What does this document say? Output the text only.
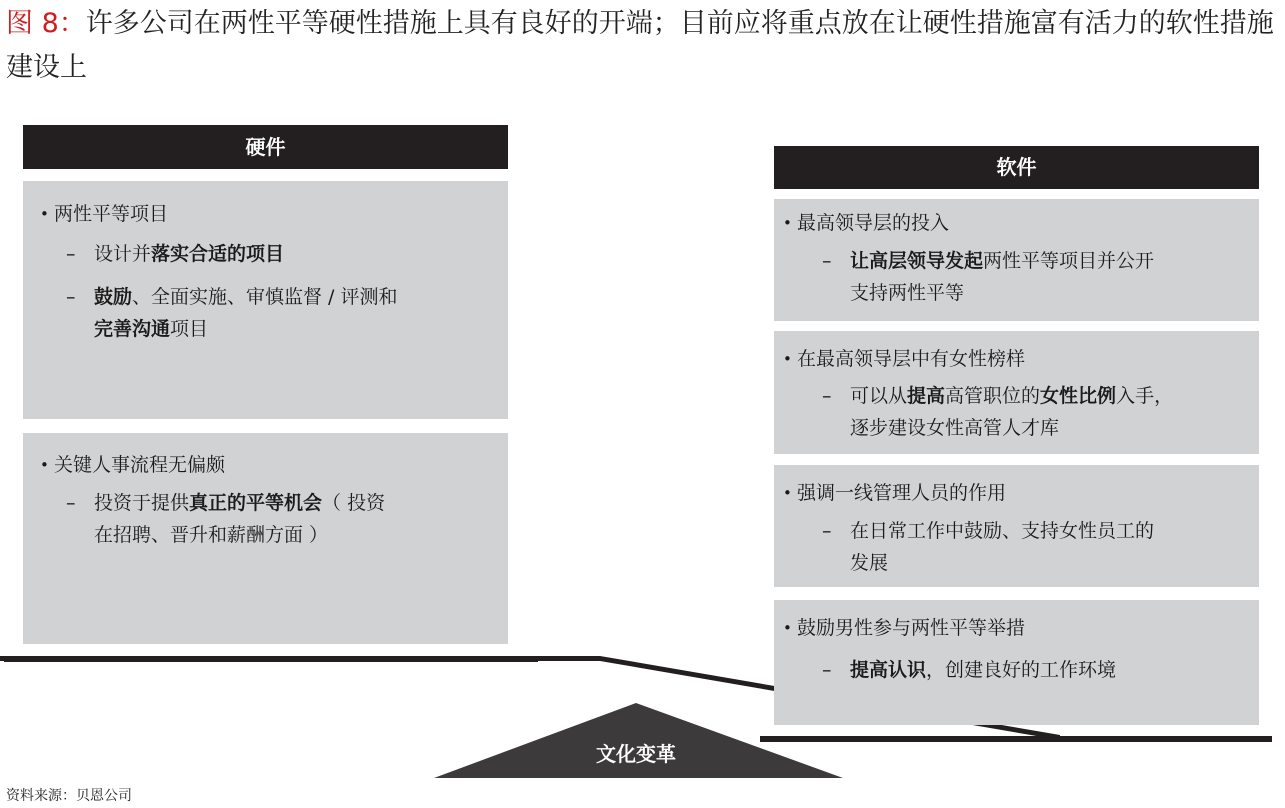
图 8：许多公司在两性平等硬性措施上具有良好的开端；目前应将重点放在让硬性措施富有活力的软性措施建设上
硬件
• 两性平等项目
– 设计并落实合适的项目
– 鼓励、全面实施、审慎监督 / 评测和
完善沟通项目
• 关键人事流程无偏颇
– 投资于提供真正的平等机会（ 投资
在招聘、晋升和薪酬方面 ）
软件
• 最高领导层的投入
– 让高层领导发起两性平等项目并公开
支持两性平等
• 在最高领导层中有女性榜样
– 可以从提高高管职位的女性比例入手，
逐步建设女性高管人才库
• 强调一线管理人员的作用
– 在日常工作中鼓励、支持女性员工的
发展
• 鼓励男性参与两性平等举措
– 提高认识，创建良好的工作环境
文化变革
资料来源：贝恩公司
